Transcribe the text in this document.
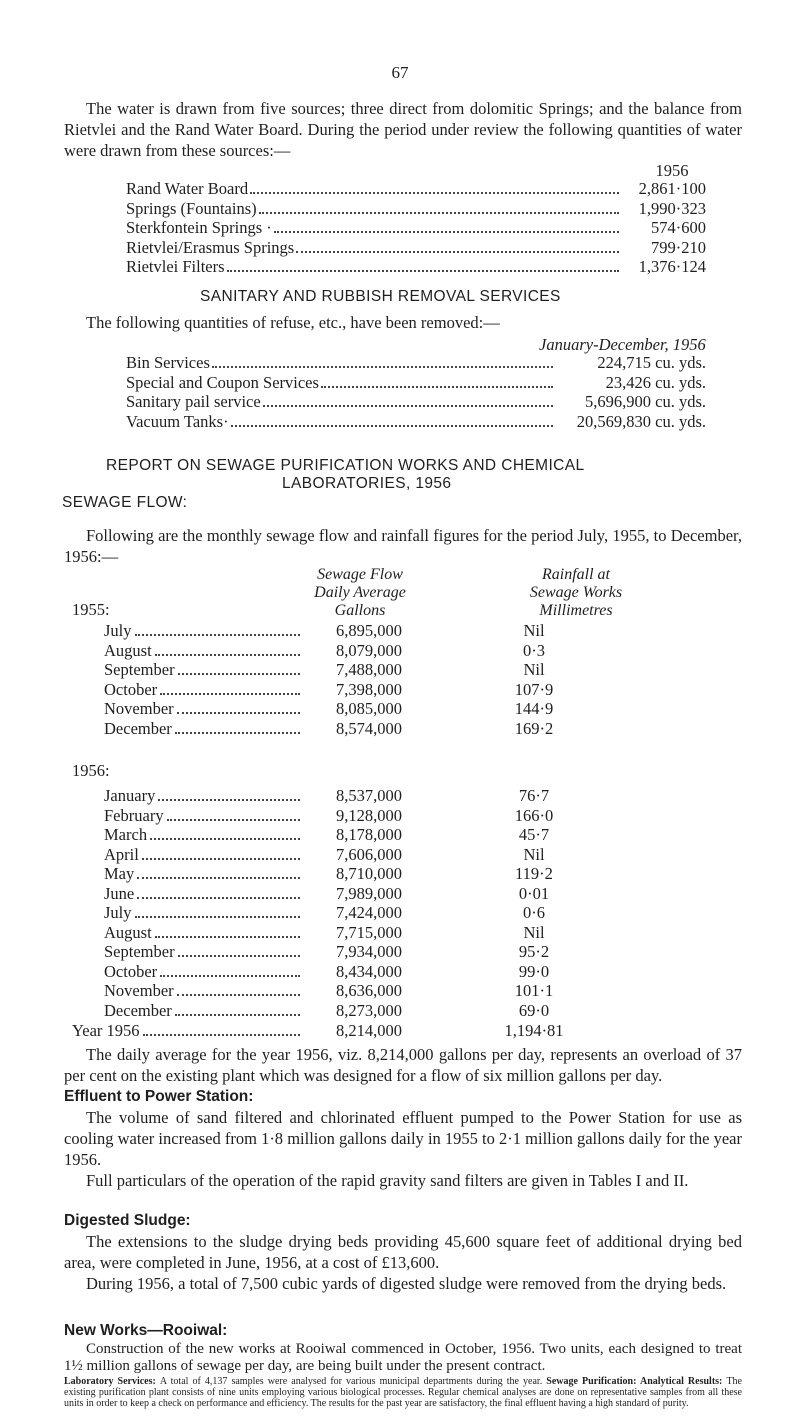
67

The water is drawn from five sources; three direct from dolomitic Springs; and the balance from Rietvlei and the Rand Water Board. During the period under review the following quantities of water were drawn from these sources:—

1956
Rand Water Board	2,861·100
Springs (Fountains)	1,990·323
Sterkfontein Springs ·	574·600
Rietvlei/Erasmus Springs	799·210
Rietvlei Filters	1,376·124
SANITARY AND RUBBISH REMOVAL SERVICES

The following quantities of refuse, etc., have been removed:—

January-December, 1956
Bin Services	224,715 cu. yds.
Special and Coupon Services	23,426 cu. yds.
Sanitary pail service	5,696,900 cu. yds.
Vacuum Tanks·	20,569,830 cu. yds.
REPORT ON SEWAGE PURIFICATION WORKS AND CHEMICAL
LABORATORIES, 1956
SEWAGE FLOW:

Following are the monthly sewage flow and rainfall figures for the period July, 1955, to December, 1956:—

Sewage Flow
Daily Average
Gallons
Rainfall at
Sewage Works
Millimetres
1955:
July	6,895,000	Nil
August	8,079,000	0·3
September	7,488,000	Nil
October	7,398,000	107·9
November	8,085,000	144·9
December	8,574,000	169·2
1956:
January	8,537,000	76·7
February	9,128,000	166·0
March	8,178,000	45·7
April	7,606,000	Nil
May	8,710,000	119·2
June	7,989,000	0·01
July	7,424,000	0·6
August	7,715,000	Nil
September	7,934,000	95·2
October	8,434,000	99·0
November	8,636,000	101·1
December	8,273,000	69·0
Year 1956	8,214,000	1,194·81

The daily average for the year 1956, viz. 8,214,000 gallons per day, represents an overload of 37 per cent on the existing plant which was designed for a flow of six million gallons per day.

Effluent to Power Station:

The volume of sand filtered and chlorinated effluent pumped to the Power Station for use as cooling water increased from 1·8 million gallons daily in 1955 to 2·1 million gallons daily for the year 1956.

Full particulars of the operation of the rapid gravity sand filters are given in Tables I and II.

Digested Sludge:

The extensions to the sludge drying beds providing 45,600 square feet of additional drying bed area, were completed in June, 1956, at a cost of £13,600.

During 1956, a total of 7,500 cubic yards of digested sludge were removed from the drying beds.

New Works—Rooiwal:

Construction of the new works at Rooiwal commenced in October, 1956. Two units, each designed to treat 1½ million gallons of sewage per day, are being built under the present contract.

Laboratory Services: A total of 4,137 samples were analysed for various municipal departments during the year. Sewage Purification: Analytical Results: The existing purification plant consists of nine units employing various biological processes. Regular chemical analyses are done on representative samples from all these units in order to keep a check on performance and efficiency. The results for the past year are satisfactory, the final effluent having a high standard of purity.
